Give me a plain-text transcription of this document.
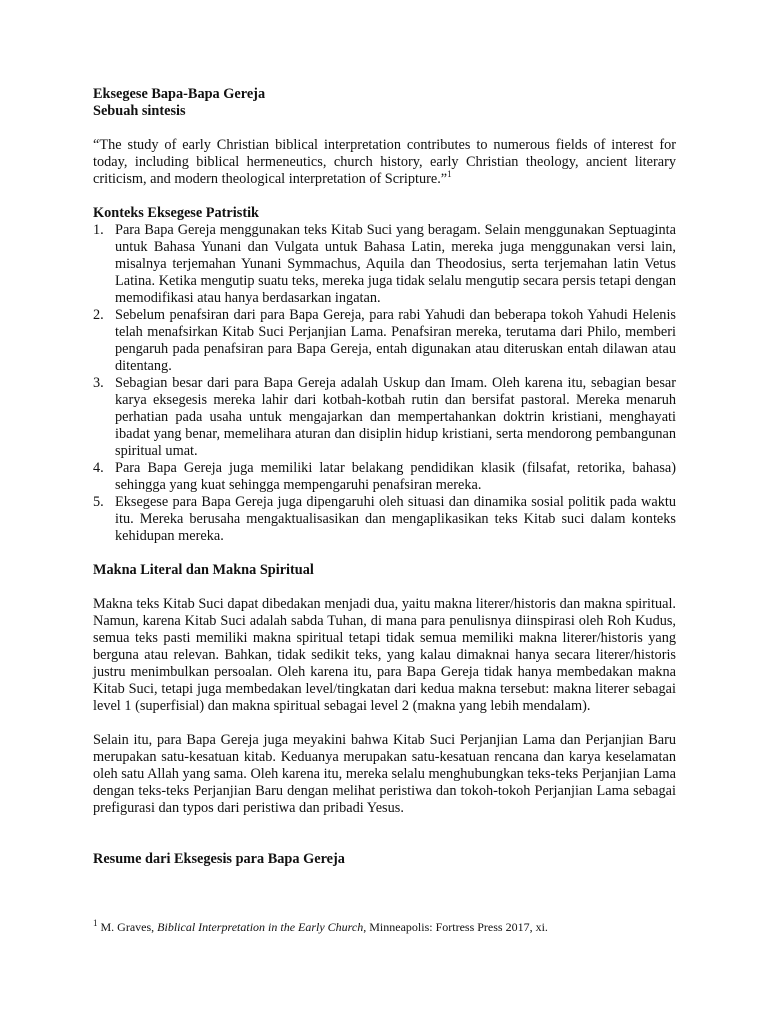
Eksegese Bapa-Bapa Gereja

Sebuah sintesis

“The study of early Christian biblical interpretation contributes to numerous fields of interest for today, including biblical hermeneutics, church history, early Christian theology, ancient literary criticism, and modern theological interpretation of Scripture.”$^1$

Konteks Eksegese Patristik

1. Para Bapa Gereja menggunakan teks Kitab Suci yang beragam. Selain menggunakan Septuaginta untuk Bahasa Yunani dan Vulgata untuk Bahasa Latin, mereka juga menggunakan versi lain, misalnya terjemahan Yunani Symmachus, Aquila dan Theodosius, serta terjemahan latin Vetus Latina. Ketika mengutip suatu teks, mereka juga tidak selalu mengutip secara persis tetapi dengan memodifikasi atau hanya berdasarkan ingatan.
2. Sebelum penafsiran dari para Bapa Gereja, para rabi Yahudi dan beberapa tokoh Yahudi Helenis telah menafsirkan Kitab Suci Perjanjian Lama. Penafsiran mereka, terutama dari Philo, memberi pengaruh pada penafsiran para Bapa Gereja, entah digunakan atau diteruskan entah dilawan atau ditentang.
3. Sebagian besar dari para Bapa Gereja adalah Uskup dan Imam. Oleh karena itu, sebagian besar karya eksegesis mereka lahir dari kotbah-kotbah rutin dan bersifat pastoral. Mereka menaruh perhatian pada usaha untuk mengajarkan dan mempertahankan doktrin kristiani, menghayati ibadat yang benar, memelihara aturan dan disiplin hidup kristiani, serta mendorong pembangunan spiritual umat.
4. Para Bapa Gereja juga memiliki latar belakang pendidikan klasik (filsafat, retorika, bahasa) sehingga yang kuat sehingga mempengaruhi penafsiran mereka.
5. Eksegese para Bapa Gereja juga dipengaruhi oleh situasi dan dinamika sosial politik pada waktu itu. Mereka berusaha mengaktualisasikan dan mengaplikasikan teks Kitab suci dalam konteks kehidupan mereka.

Makna Literal dan Makna Spiritual

Makna teks Kitab Suci dapat dibedakan menjadi dua, yaitu makna literer/historis dan makna spiritual. Namun, karena Kitab Suci adalah sabda Tuhan, di mana para penulisnya diinspirasi oleh Roh Kudus, semua teks pasti memiliki makna spiritual tetapi tidak semua memiliki makna literer/historis yang berguna atau relevan. Bahkan, tidak sedikit teks, yang kalau dimaknai hanya secara literer/historis justru menimbulkan persoalan. Oleh karena itu, para Bapa Gereja tidak hanya membedakan makna Kitab Suci, tetapi juga membedakan level/tingkatan dari kedua makna tersebut: makna literer sebagai level 1 (superfisial) dan makna spiritual sebagai level 2 (makna yang lebih mendalam).

Selain itu, para Bapa Gereja juga meyakini bahwa Kitab Suci Perjanjian Lama dan Perjanjian Baru merupakan satu-kesatuan kitab. Keduanya merupakan satu-kesatuan rencana dan karya keselamatan oleh satu Allah yang sama. Oleh karena itu, mereka selalu menghubungkan teks-teks Perjanjian Lama dengan teks-teks Perjanjian Baru dengan melihat peristiwa dan tokoh-tokoh Perjanjian Lama sebagai prefigurasi dan typos dari peristiwa dan pribadi Yesus.

Resume dari Eksegesis para Bapa Gereja

$^1$ M. Graves, Biblical Interpretation in the Early Church, Minneapolis: Fortress Press 2017, xi.
